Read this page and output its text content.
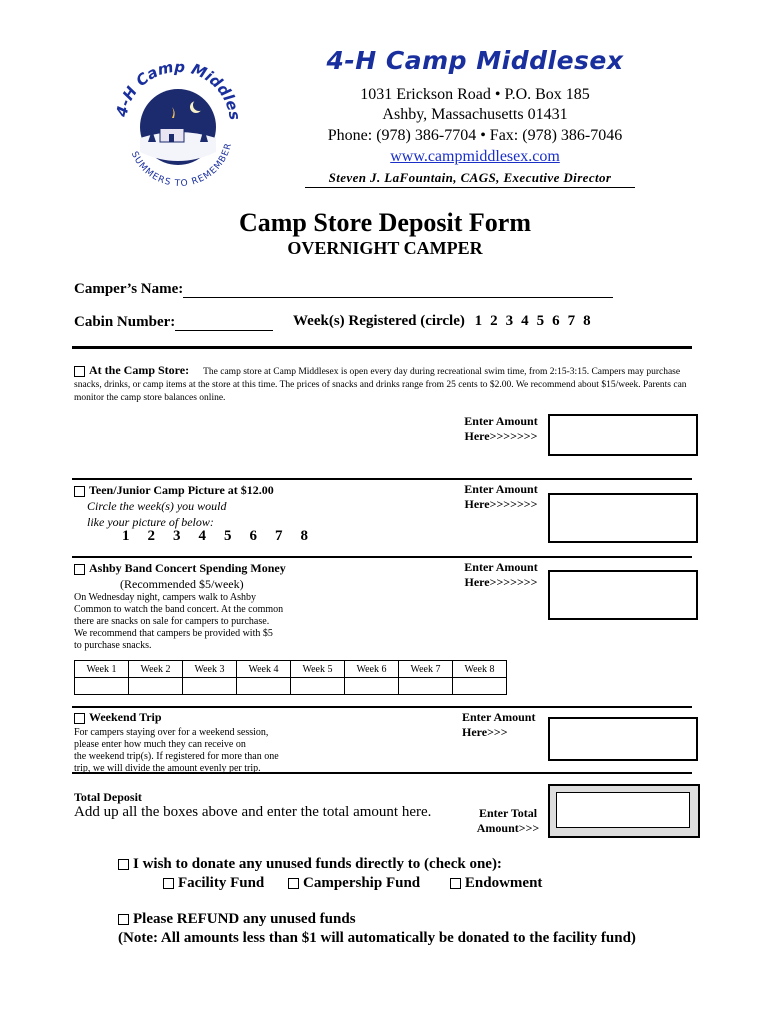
4-H Camp Middles
SUMMERS TO REMEMBER
4-H Camp Middlesex
1031 Erickson Road • P.O. Box 185
Ashby, Massachusetts 01431
Phone: (978) 386-7704 • Fax: (978) 386-7046
www.campmiddlesex.com
Steven J. LaFountain, CAGS, Executive Director
Camp Store Deposit Form
OVERNIGHT CAMPER
Camper’s Name:
Cabin Number:	Week(s) Registered (circle) 1 2 3 4 5 6 7 8
At the Camp Store: The camp store at Camp Middlesex is open every day during recreational swim time, from 2:15-3:15. Campers may purchase snacks, drinks, or camp items at the store at this time. The prices of snacks and drinks range from 25 cents to $2.00. We recommend about $15/week. Parents can monitor the camp store balances online.
Enter Amount
Here>>>>>>>
Teen/Junior Camp Picture at $12.00
Circle the week(s) you would
like your picture of below:
1 2 3 4 5 6 7 8
Enter Amount
Here>>>>>>>
Ashby Band Concert Spending Money
(Recommended $5/week)
On Wednesday night, campers walk to Ashby
Common to watch the band concert. At the common
there are snacks on sale for campers to purchase.
We recommend that campers be provided with $5
to purchase snacks.
Enter Amount
Here>>>>>>>
Week 1	Week 2	Week 3	Week 4	Week 5	Week 6	Week 7	Week 8

Weekend Trip
For campers staying over for a weekend session,
please enter how much they can receive on
the weekend trip(s). If registered for more than one
trip, we will divide the amount evenly per trip.
Enter Amount
Here>>>
Total Deposit
Add up all the boxes above and enter the total amount here.	Enter Total
Amount>>>
I wish to donate any unused funds directly to (check one):
Facility Fund	Campership Fund	Endowment
Please REFUND any unused funds
(Note: All amounts less than $1 will automatically be donated to the facility fund)
